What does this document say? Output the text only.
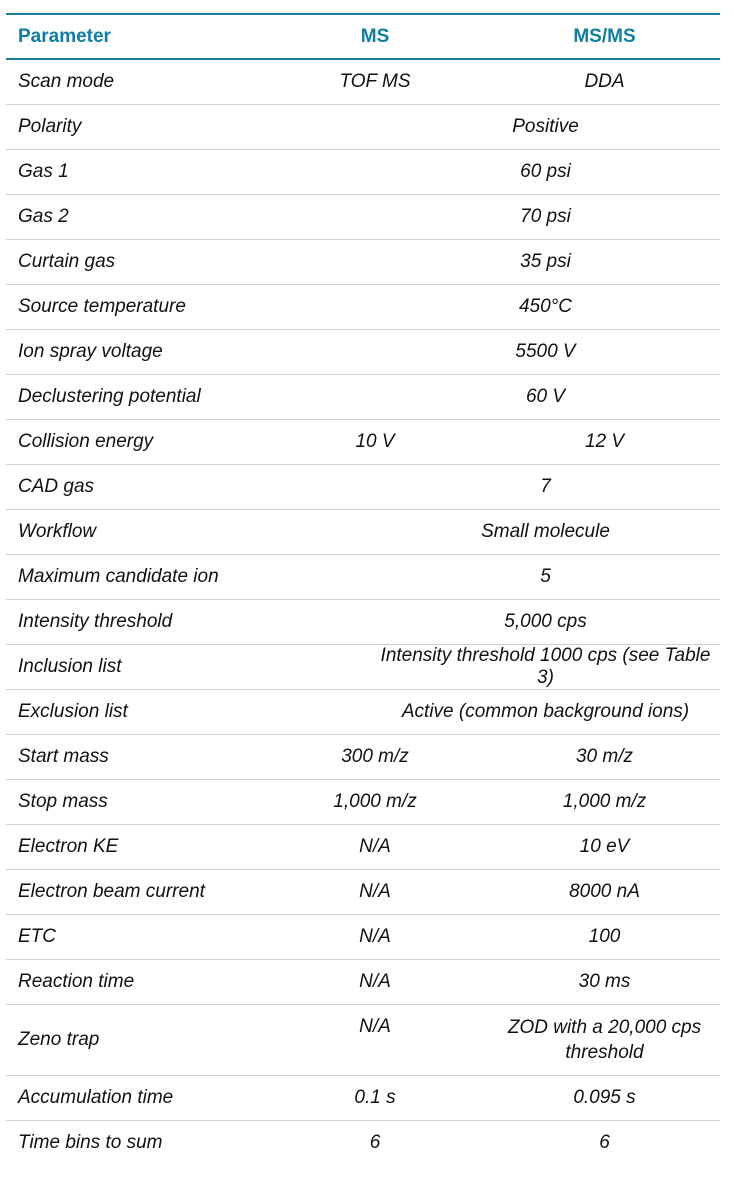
Parameter	MS	MS/MS
Scan mode	TOF MS	DDA
Polarity	Positive	
Gas 1	60 psi	
Gas 2	70 psi	
Curtain gas	35 psi	
Source temperature	450°C	
Ion spray voltage	5500 V	
Declustering potential	60 V	
Collision energy	10 V	12 V
CAD gas	7	
Workflow	Small molecule	
Maximum candidate ion	5	
Intensity threshold	5,000 cps	
Inclusion list	Intensity threshold 1000 cps (see Table 3)	
Exclusion list	Active (common background ions)	
Start mass	300 m/z	30 m/z
Stop mass	1,000 m/z	1,000 m/z
Electron KE	N/A	10 eV
Electron beam current	N/A	8000 nA
ETC	N/A	100
Reaction time	N/A	30 ms
Zeno trap	N/A	ZOD with a 20,000 cps threshold
Accumulation time	0.1 s	0.095 s
Time bins to sum	6	6
